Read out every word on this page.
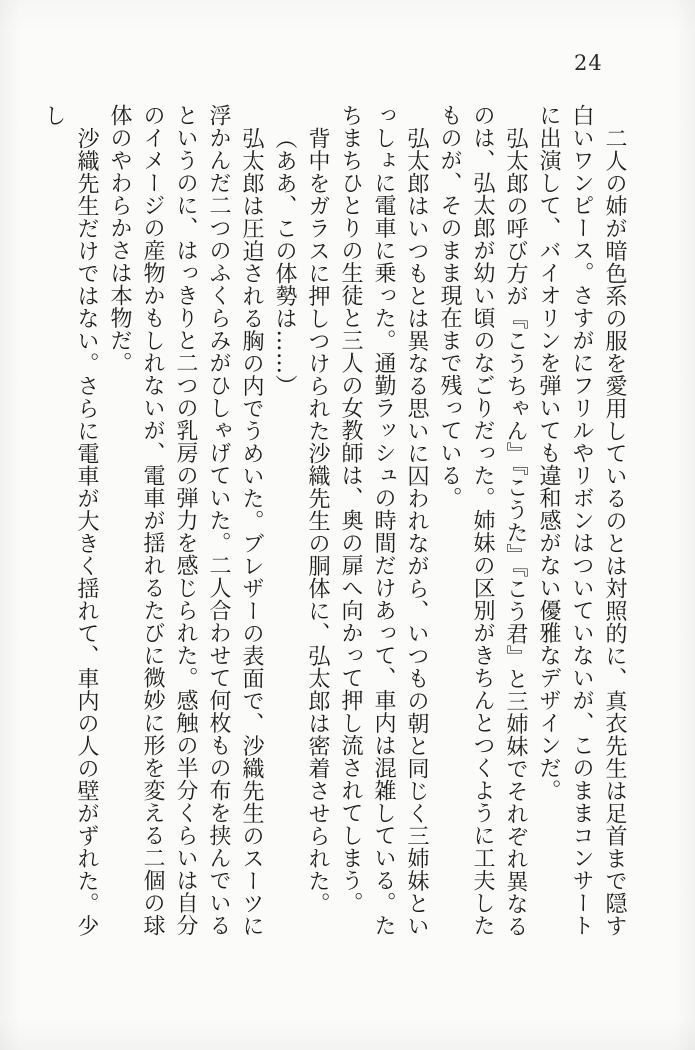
24

二人の姉が暗色系の服を愛用しているのとは対照的に、真衣先生は足首まで隠す白いワンピース。さすがにフリルやリボンはついていないが、このままコンサートに出演して、バイオリンを弾いても違和感がない優雅なデザインだ。

弘太郎の呼び方が『こうちゃん』『こうた』『こう君』と三姉妹でそれぞれ異なるのは、弘太郎が幼い頃のなごりだった。姉妹の区別がきちんとつくように工夫したものが、そのまま現在まで残っている。

弘太郎はいつもとは異なる思いに囚われながら、いつもの朝と同じく三姉妹といっしょに電車に乗った。通勤ラッシュの時間だけあって、車内は混雑している。たちまちひとりの生徒と三人の女教師は、奥の扉へ向かって押し流されてしまう。

背中をガラスに押しつけられた沙織先生の胴体に、弘太郎は密着させられた。

（ああ、この体勢は……）

弘太郎は圧迫される胸の内でうめいた。ブレザーの表面で、沙織先生のスーツに浮かんだ二つのふくらみがひしゃげていた。二人合わせて何枚もの布を挟んでいるというのに、はっきりと二つの乳房の弾力を感じられた。感触の半分くらいは自分のイメージの産物かもしれないが、電車が揺れるたびに微妙に形を変える二個の球体のやわらかさは本物だ。

沙織先生だけではない。さらに電車が大きく揺れて、車内の人の壁がずれた。少し
